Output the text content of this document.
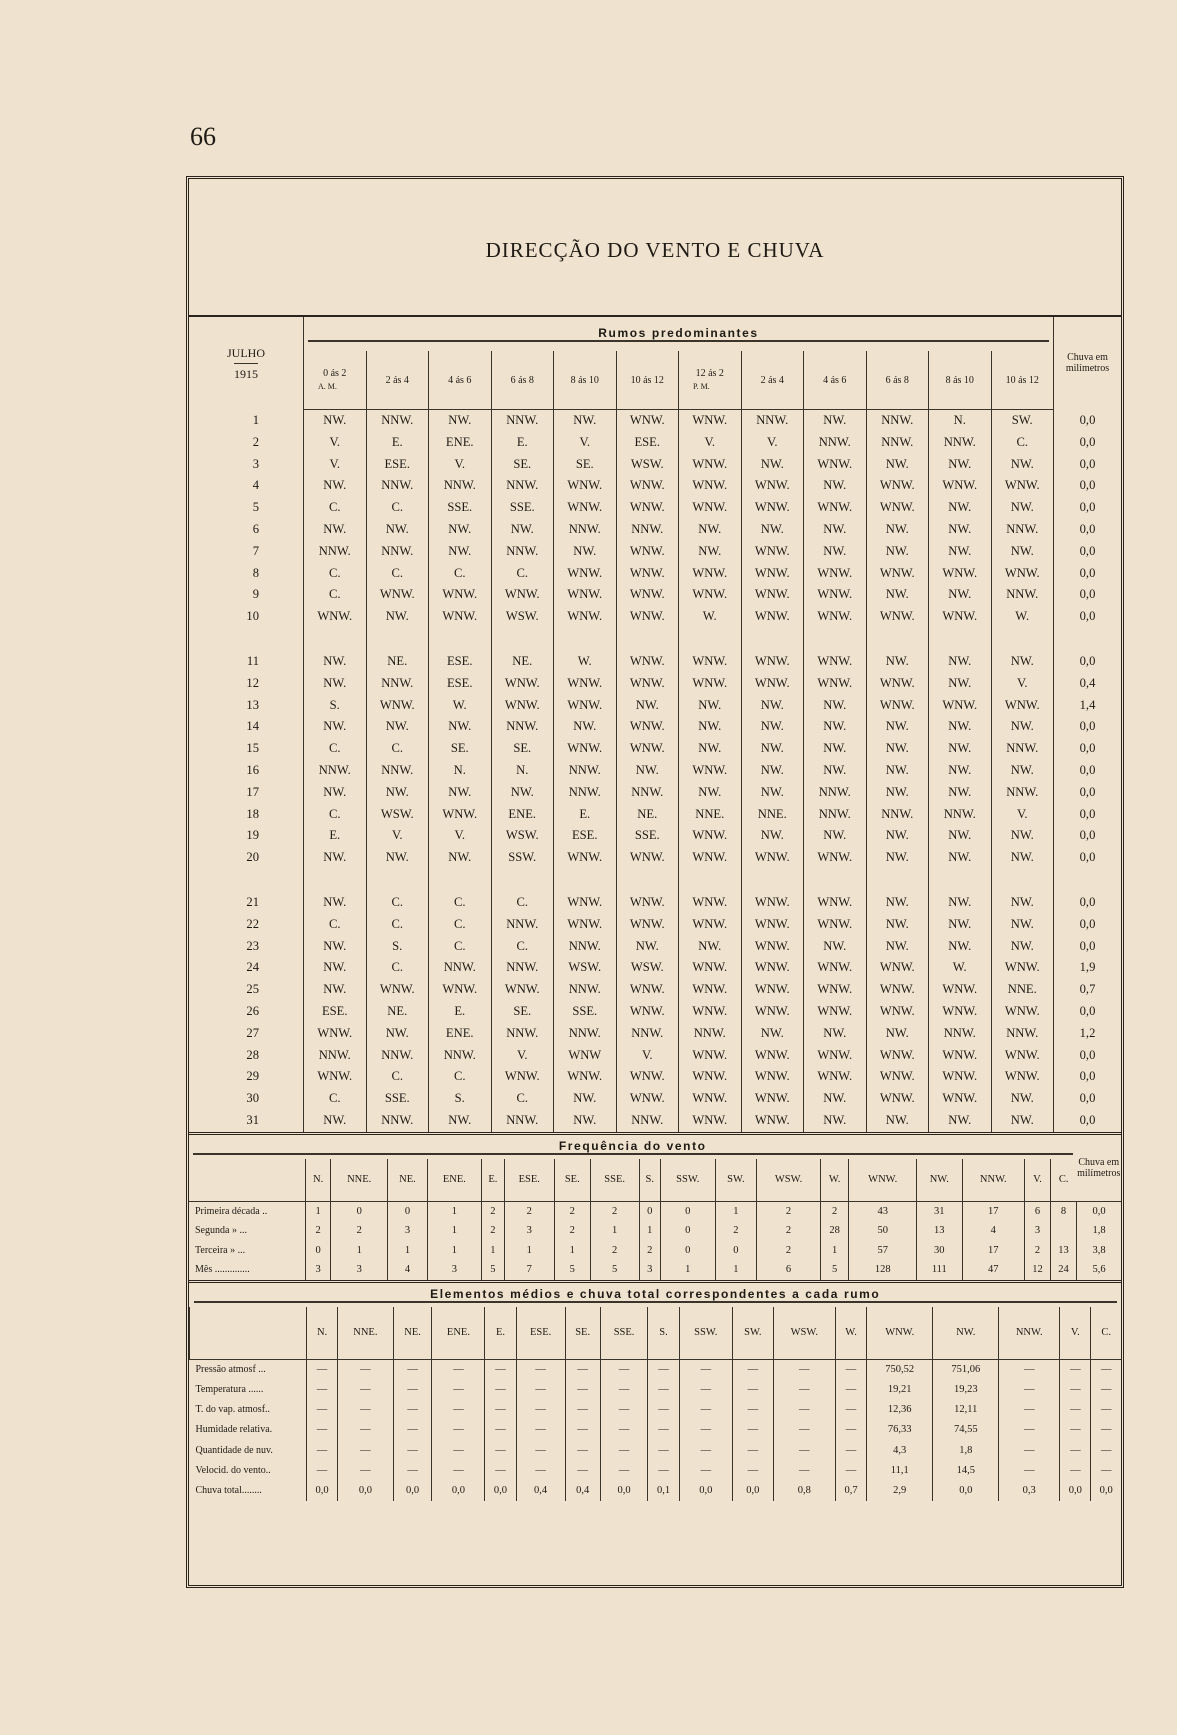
66
DIRECÇÃO DO VENTO E CHUVA
JULHO
1915	Rumos predominantes												Chuva em milímetros
	0 ás 2
A. M.	2 ás 4	4 ás 6	6 ás 8	8 ás 10	10 ás 12	12 ás 2
P. M.	2 ás 4	4 ás 6	6 ás 8	8 ás 10	10 ás 12	
1	NW.	NNW.	NW.	NNW.	NW.	WNW.	WNW.	NNW.	NW.	NNW.	N.	SW.	0,0
2	V.	E.	ENE.	E.	V.	ESE.	V.	V.	NNW.	NNW.	NNW.	C.	0,0
3	V.	ESE.	V.	SE.	SE.	WSW.	WNW.	NW.	WNW.	NW.	NW.	NW.	0,0
4	NW.	NNW.	NNW.	NNW.	WNW.	WNW.	WNW.	WNW.	NW.	WNW.	WNW.	WNW.	0,0
5	C.	C.	SSE.	SSE.	WNW.	WNW.	WNW.	WNW.	WNW.	WNW.	NW.	NW.	0,0
6	NW.	NW.	NW.	NW.	NNW.	NNW.	NW.	NW.	NW.	NW.	NW.	NNW.	0,0
7	NNW.	NNW.	NW.	NNW.	NW.	WNW.	NW.	WNW.	NW.	NW.	NW.	NW.	0,0
8	C.	C.	C.	C.	WNW.	WNW.	WNW.	WNW.	WNW.	WNW.	WNW.	WNW.	0,0
9	C.	WNW.	WNW.	WNW.	WNW.	WNW.	WNW.	WNW.	WNW.	NW.	NW.	NNW.	0,0
10	WNW.	NW.	WNW.	WSW.	WNW.	WNW.	W.	WNW.	WNW.	WNW.	WNW.	W.	0,0

11	NW.	NE.	ESE.	NE.	W.	WNW.	WNW.	WNW.	WNW.	NW.	NW.	NW.	0,0
12	NW.	NNW.	ESE.	WNW.	WNW.	WNW.	WNW.	WNW.	WNW.	WNW.	NW.	V.	0,4
13	S.	WNW.	W.	WNW.	WNW.	NW.	NW.	NW.	NW.	WNW.	WNW.	WNW.	1,4
14	NW.	NW.	NW.	NNW.	NW.	WNW.	NW.	NW.	NW.	NW.	NW.	NW.	0,0
15	C.	C.	SE.	SE.	WNW.	WNW.	NW.	NW.	NW.	NW.	NW.	NNW.	0,0
16	NNW.	NNW.	N.	N.	NNW.	NW.	WNW.	NW.	NW.	NW.	NW.	NW.	0,0
17	NW.	NW.	NW.	NW.	NNW.	NNW.	NW.	NW.	NNW.	NW.	NW.	NNW.	0,0
18	C.	WSW.	WNW.	ENE.	E.	NE.	NNE.	NNE.	NNW.	NNW.	NNW.	V.	0,0
19	E.	V.	V.	WSW.	ESE.	SSE.	WNW.	NW.	NW.	NW.	NW.	NW.	0,0
20	NW.	NW.	NW.	SSW.	WNW.	WNW.	WNW.	WNW.	WNW.	NW.	NW.	NW.	0,0

21	NW.	C.	C.	C.	WNW.	WNW.	WNW.	WNW.	WNW.	NW.	NW.	NW.	0,0
22	C.	C.	C.	NNW.	WNW.	WNW.	WNW.	WNW.	WNW.	NW.	NW.	NW.	0,0
23	NW.	S.	C.	C.	NNW.	NW.	NW.	WNW.	NW.	NW.	NW.	NW.	0,0
24	NW.	C.	NNW.	NNW.	WSW.	WSW.	WNW.	WNW.	WNW.	WNW.	W.	WNW.	1,9
25	NW.	WNW.	WNW.	WNW.	NNW.	WNW.	WNW.	WNW.	WNW.	WNW.	WNW.	NNE.	0,7
26	ESE.	NE.	E.	SE.	SSE.	WNW.	WNW.	WNW.	WNW.	WNW.	WNW.	WNW.	0,0
27	WNW.	NW.	ENE.	NNW.	NNW.	NNW.	NNW.	NW.	NW.	NW.	NNW.	NNW.	1,2
28	NNW.	NNW.	NNW.	V.	WNW	V.	WNW.	WNW.	WNW.	WNW.	WNW.	WNW.	0,0
29	WNW.	C.	C.	WNW.	WNW.	WNW.	WNW.	WNW.	WNW.	WNW.	WNW.	WNW.	0,0
30	C.	SSE.	S.	C.	NW.	WNW.	WNW.	WNW.	NW.	WNW.	WNW.	NW.	0,0
31	NW.	NNW.	NW.	NNW.	NW.	NNW.	WNW.	WNW.	NW.	NW.	NW.	NW.	0,0
Frequência do vento																			Chuva em milímetros
	N.	NNE.	NE.	ENE.	E.	ESE.	SE.	SSE.	S.	SSW.	SW.	WSW.	W.	WNW.	NW.	NNW.	V.	C.	
Primeira década ..	1	0	0	1	2	2	2	2	0	0	1	2	2	43	31	17	6	8	0,0
Segunda » ...	2	2	3	1	2	3	2	1	1	0	2	2	28	50	13	4	3		1,8
Terceira » ...	0	1	1	1	1	1	1	2	2	0	0	2	1	57	30	17	2	13	3,8
Mês ..............	3	3	4	3	5	7	5	5	3	1	1	6	5	128	111	47	12	24	5,6
Elementos médios e chuva total correspondentes a cada rumo																		

	N.	NNE.	NE.	ENE.	E.	ESE.	SE.	SSE.	S.	SSW.	SW.	WSW.	W.	WNW.	NW.	NNW.	V.	C.
Pressão atmosf ...	—	—	—	—	—	—	—	—	—	—	—	—	—	750,52	751,06	—	—	—
Temperatura ......	—	—	—	—	—	—	—	—	—	—	—	—	—	19,21	19,23	—	—	—
T. do vap. atmosf..	—	—	—	—	—	—	—	—	—	—	—	—	—	12,36	12,11	—	—	—
Humidade relativa.	—	—	—	—	—	—	—	—	—	—	—	—	—	76,33	74,55	—	—	—
Quantidade de nuv.	—	—	—	—	—	—	—	—	—	—	—	—	—	4,3	1,8	—	—	—
Velocid. do vento..	—	—	—	—	—	—	—	—	—	—	—	—	—	11,1	14,5	—	—	—
Chuva total........	0,0	0,0	0,0	0,0	0,0	0,4	0,4	0,0	0,1	0,0	0,0	0,8	0,7	2,9	0,0	0,3	0,0	0,0
